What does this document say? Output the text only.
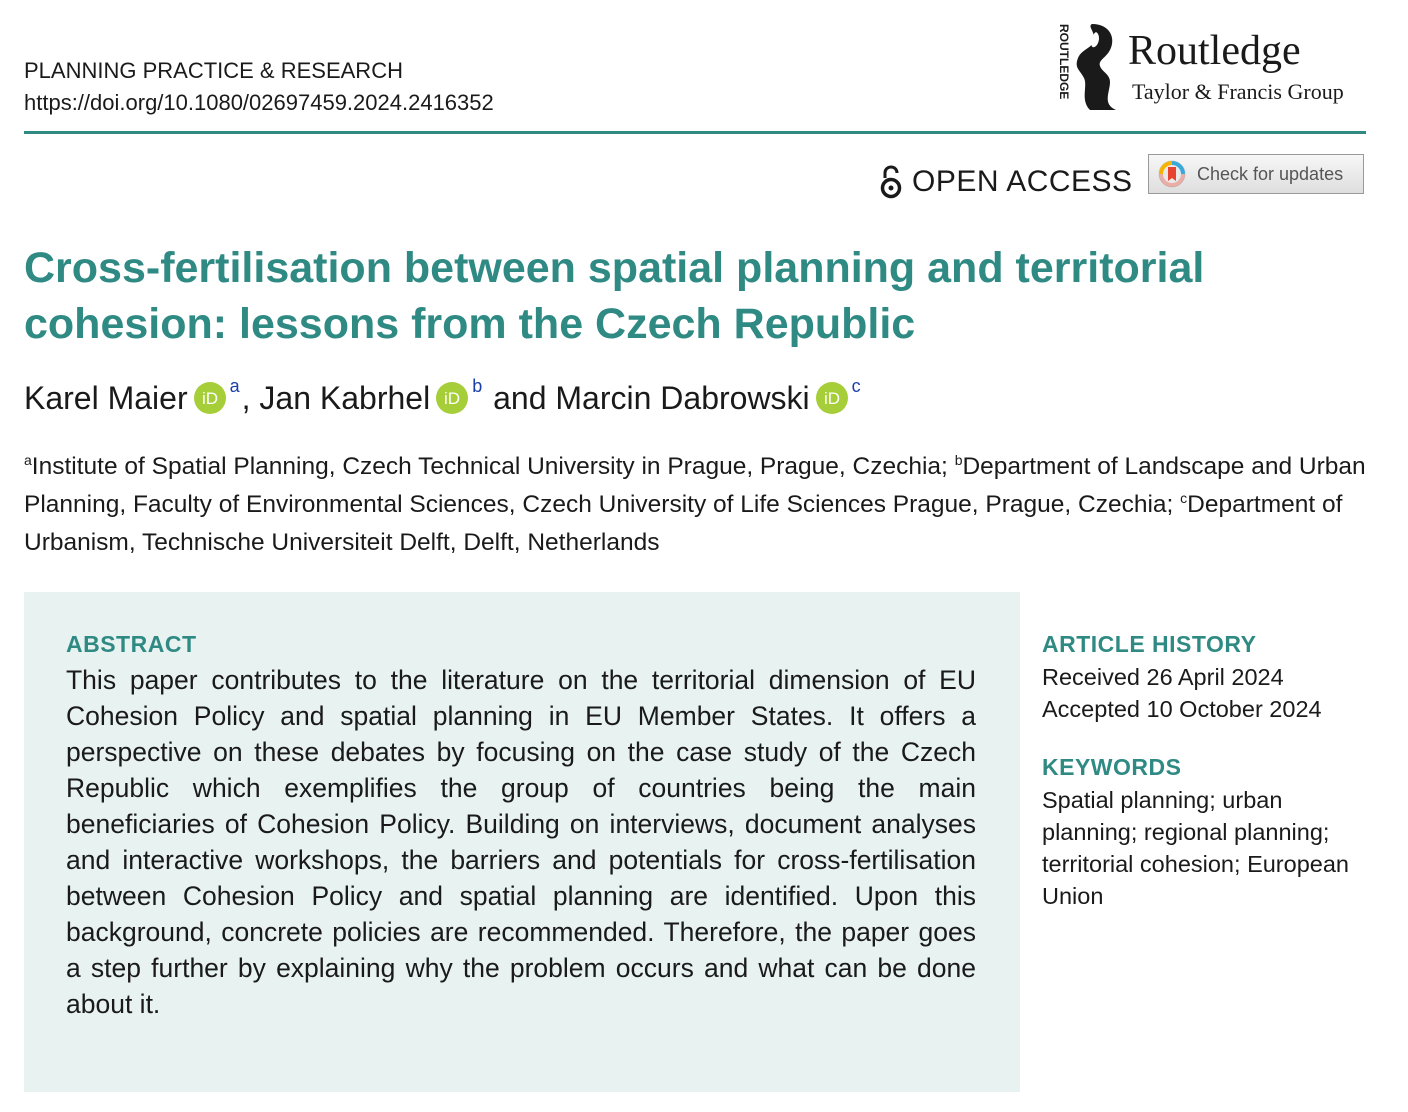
PLANNING PRACTICE & RESEARCH
https://doi.org/10.1080/02697459.2024.2416352
ROUTLEDGE Routledge
Taylor & Francis Group
OPEN ACCESS	Check for updates
Cross-fertilisation between spatial planning and territorial cohesion: lessons from the Czech Republic
Karel Maier iD
a ,
Jan Kabrhel iD
b
and
Marcin Dabrowski iD
c
$^a$Institute of Spatial Planning, Czech Technical University in Prague, Prague, Czechia; $^b$Department of Landscape and Urban Planning, Faculty of Environmental Sciences, Czech University of Life Sciences Prague, Prague, Czechia; $^c$Department of Urbanism, Technische Universiteit Delft, Delft, Netherlands
ABSTRACT

This paper contributes to the literature on the territorial dimension of EU Cohesion Policy and spatial planning in EU Member States. It offers a perspective on these debates by focusing on the case study of the Czech Republic which exemplifies the group of countries being the main beneficiaries of Cohesion Policy. Building on interviews, document analyses and interactive workshops, the barriers and potentials for cross-fertilisation between Cohesion Policy and spatial planning are identified. Upon this background, concrete policies are recommended. Therefore, the paper goes a step further by explaining why the problem occurs and what can be done about it.

ARTICLE HISTORY
Received 26 April 2024
Accepted 10 October 2024
KEYWORDS
Spatial planning; urban planning; regional planning; territorial cohesion; European Union
